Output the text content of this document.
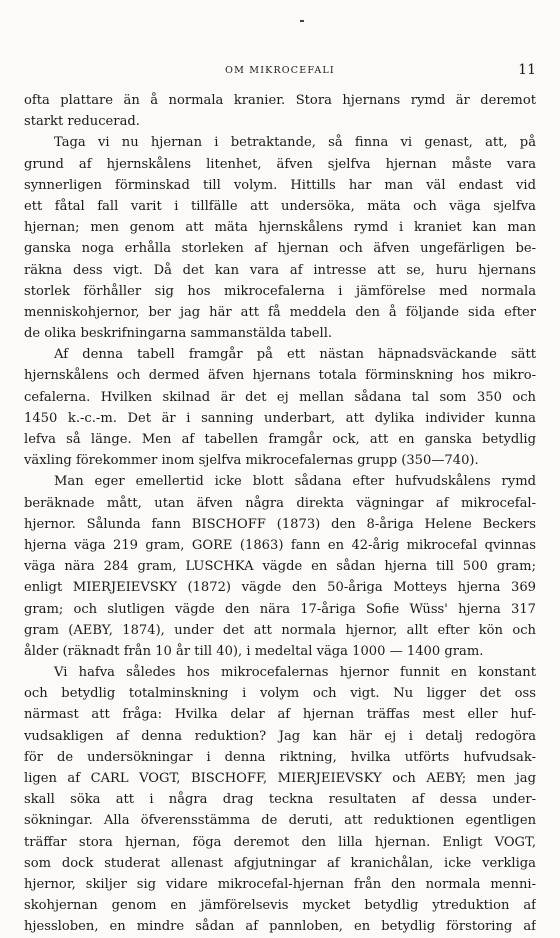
OM MIKROCEFALI	11
ofta plattare än å normala kranier. Stora hjernans rymd är deremot
starkt reducerad.
Taga vi nu hjernan i betraktande, så finna vi genast, att, på
grund af hjernskålens litenhet, äfven sjelfva hjernan måste vara
synnerligen förminskad till volym. Hittills har man väl endast vid
ett fåtal fall varit i tillfälle att undersöka, mäta och väga sjelfva
hjernan; men genom att mäta hjernskålens rymd i kraniet kan man
ganska noga erhålla storleken af hjernan och äfven ungefärligen be-
räkna dess vigt. Då det kan vara af intresse att se, huru hjernans
storlek förhåller sig hos mikrocefalerna i jämförelse med normala
menniskohjernor, ber jag här att få meddela den å följande sida efter
de olika beskrifningarna sammanstälda tabell.
Af denna tabell framgår på ett nästan häpnadsväckande sätt
hjernskålens och dermed äfven hjernans totala förminskning hos mikro-
cefalerna. Hvilken skilnad är det ej mellan sådana tal som 350 och
1450 k.-c.-m. Det är i sanning underbart, att dylika individer kunna
lefva så länge. Men af tabellen framgår ock, att en ganska betydlig
växling förekommer inom sjelfva mikrocefalernas grupp (350—740).
Man eger emellertid icke blott sådana efter hufvudskålens rymd
beräknade mått, utan äfven några direkta vägningar af mikrocefal-
hjernor. Sålunda fann BISCHOFF (1873) den 8-åriga Helene Beckers
hjerna väga 219 gram, GORE (1863) fann en 42-årig mikrocefal qvinnas
väga nära 284 gram, LUSCHKA vägde en sådan hjerna till 500 gram;
enligt MIERJEIEVSKY (1872) vägde den 50-åriga Motteys hjerna 369
gram; och slutligen vägde den nära 17-åriga Sofie Wüss' hjerna 317
gram (AEBY, 1874), under det att normala hjernor, allt efter kön och
ålder (räknadt från 10 år till 40), i medeltal väga 1000 — 1400 gram.
Vi hafva således hos mikrocefalernas hjernor funnit en konstant
och betydlig totalminskning i volym och vigt. Nu ligger det oss
närmast att fråga: Hvilka delar af hjernan träffas mest eller huf-
vudsakligen af denna reduktion? Jag kan här ej i detalj redogöra
för de undersökningar i denna riktning, hvilka utförts hufvudsak-
ligen af CARL VOGT, BISCHOFF, MIERJEIEVSKY och AEBY; men jag
skall söka att i några drag teckna resultaten af dessa under-
sökningar. Alla öfverensstämma de deruti, att reduktionen egentligen
träffar stora hjernan, föga deremot den lilla hjernan. Enligt VOGT,
som dock studerat allenast afgjutningar af kranichålan, icke verkliga
hjernor, skiljer sig vidare mikrocefal-hjernan från den normala menni-
skohjernan genom en jämförelsevis mycket betydlig ytreduktion af
hjessloben, en mindre sådan af pannloben, en betydlig förstoring af
